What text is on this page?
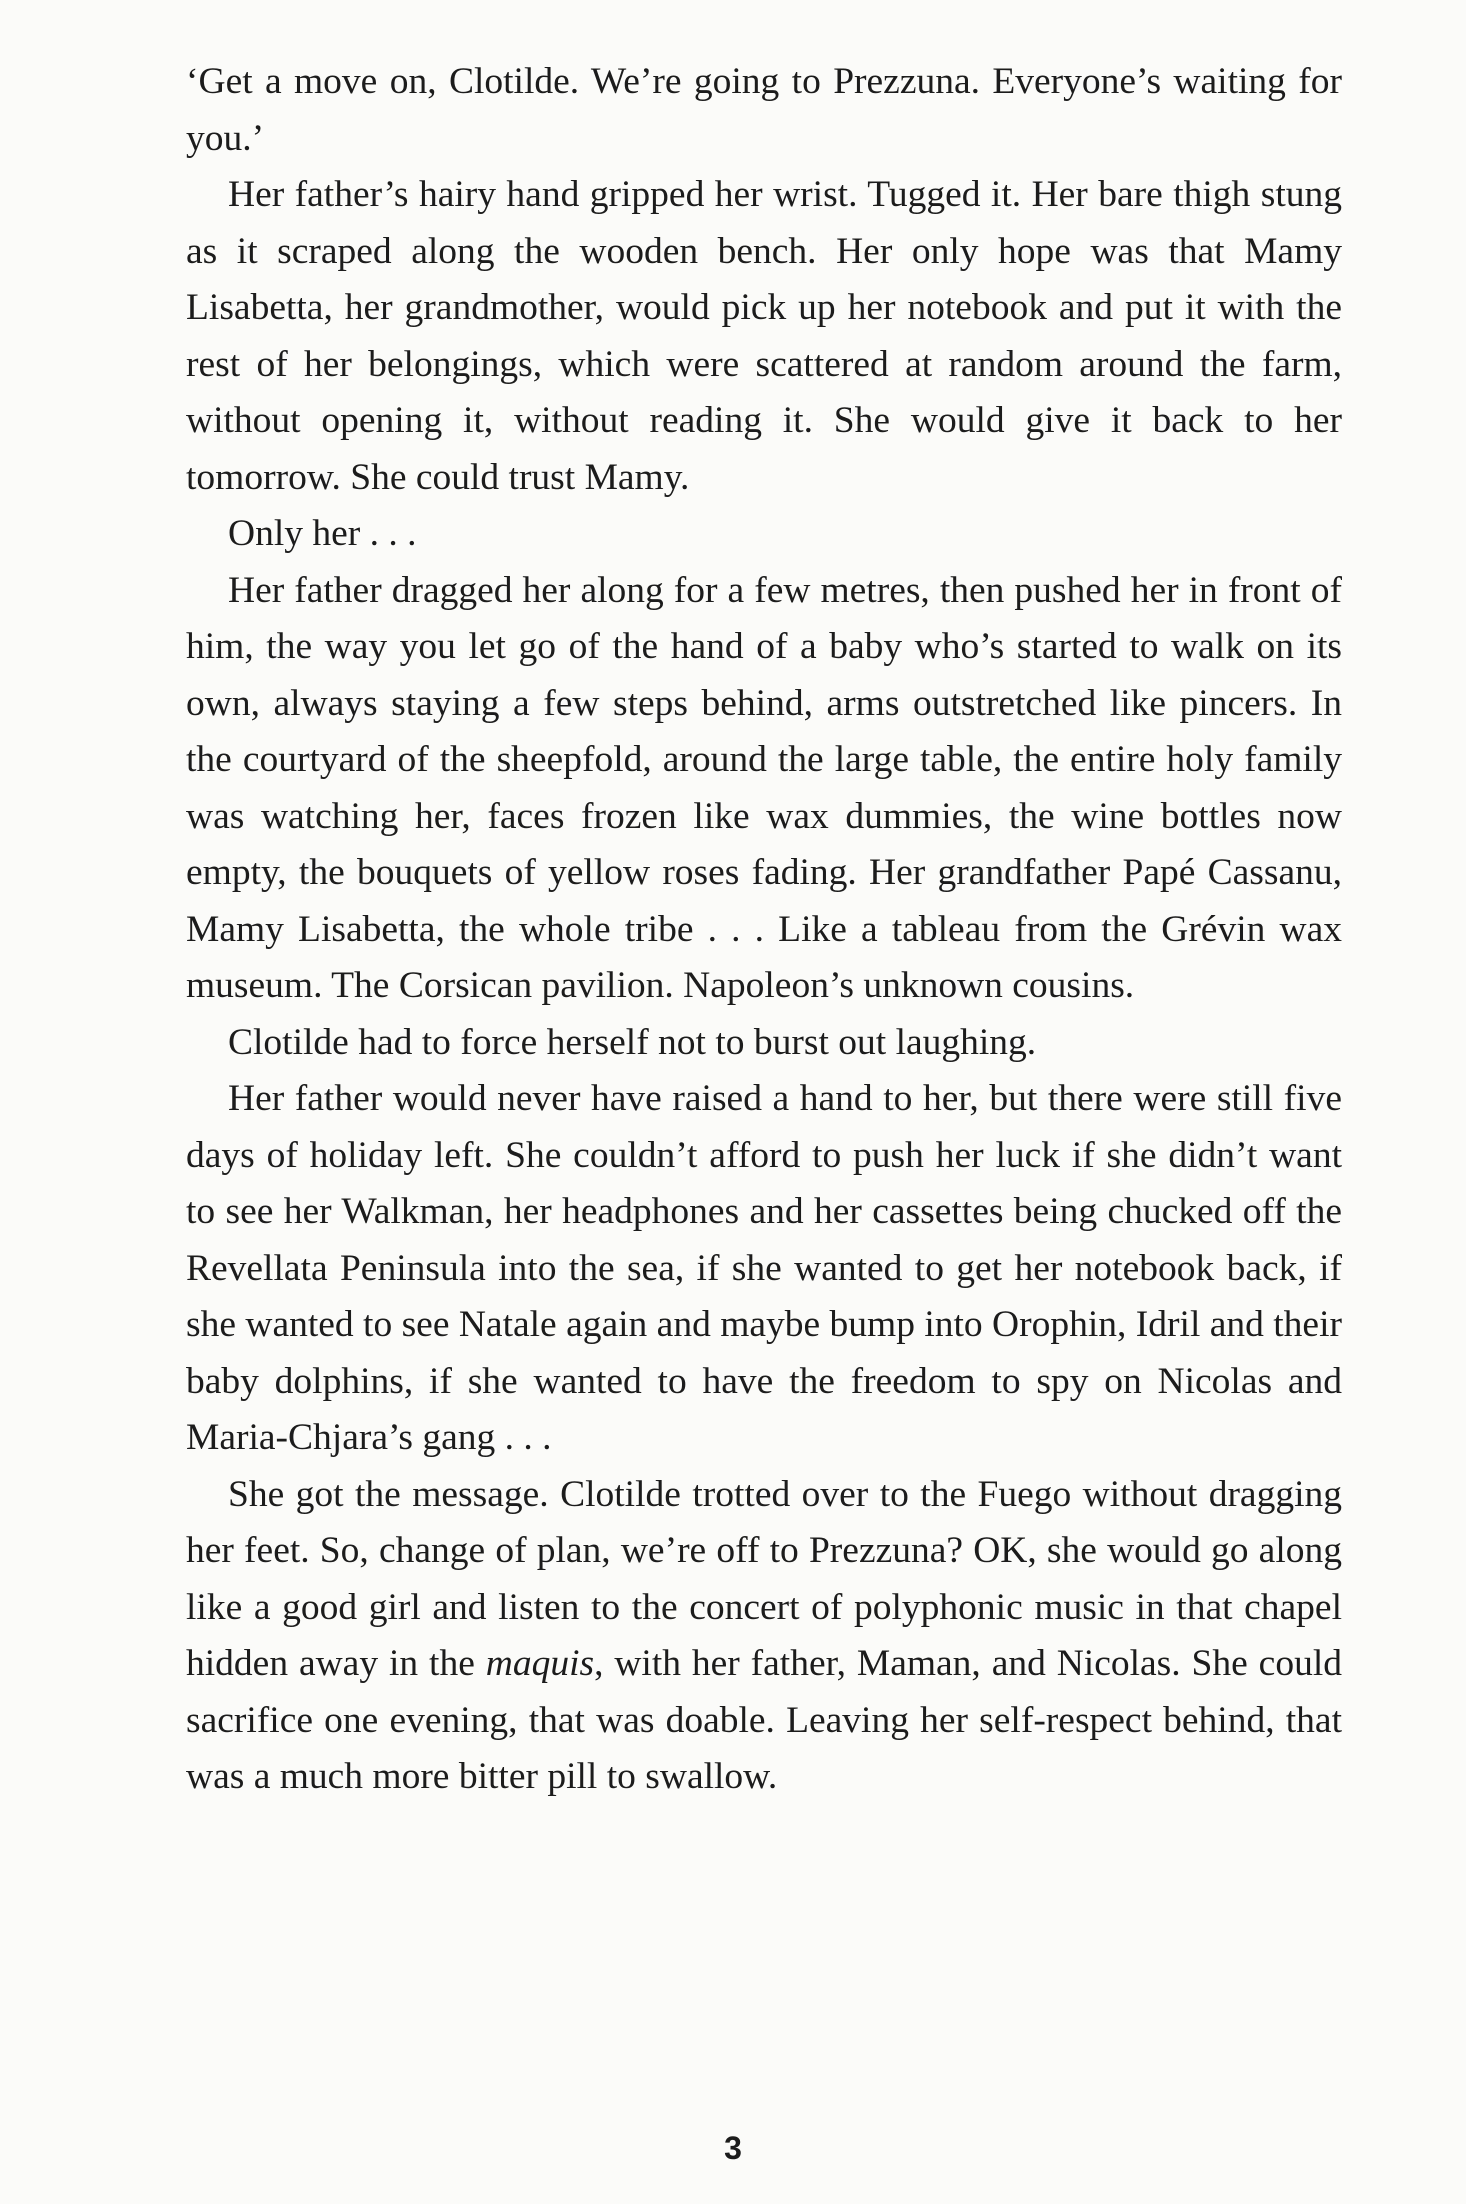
‘Get a move on, Clotilde. We’re going to Prezzuna. Everyone’s waiting for you.’

Her father’s hairy hand gripped her wrist. Tugged it. Her bare thigh stung as it scraped along the wooden bench. Her only hope was that Mamy Lisabetta, her grandmother, would pick up her notebook and put it with the rest of her belongings, which were scattered at random around the farm, without opening it, without reading it. She would give it back to her tomorrow. She could trust Mamy.

Only her . . .

Her father dragged her along for a few metres, then pushed her in front of him, the way you let go of the hand of a baby who’s started to walk on its own, always staying a few steps behind, arms outstretched like pincers. In the courtyard of the sheepfold, around the large table, the entire holy family was watching her, faces frozen like wax dummies, the wine bottles now empty, the bouquets of yellow roses fading. Her grandfather Papé Cassanu, Mamy Lisabetta, the whole tribe . . . Like a tableau from the Grévin wax museum. The Corsican pavilion. Napoleon’s unknown cousins.

Clotilde had to force herself not to burst out laughing.

Her father would never have raised a hand to her, but there were still five days of holiday left. She couldn’t afford to push her luck if she didn’t want to see her Walkman, her headphones and her cassettes being chucked off the Revellata Peninsula into the sea, if she wanted to get her notebook back, if she wanted to see Natale again and maybe bump into Orophin, Idril and their baby dolphins, if she wanted to have the freedom to spy on Nicolas and Maria-Chjara’s gang . . .

She got the message. Clotilde trotted over to the Fuego without dragging her feet. So, change of plan, we’re off to Prezzuna? OK, she would go along like a good girl and listen to the concert of polyphonic music in that chapel hidden away in the maquis, with her father, Maman, and Nicolas. She could sacrifice one evening, that was doable. Leaving her self-respect behind, that was a much more bitter pill to swallow.

3
